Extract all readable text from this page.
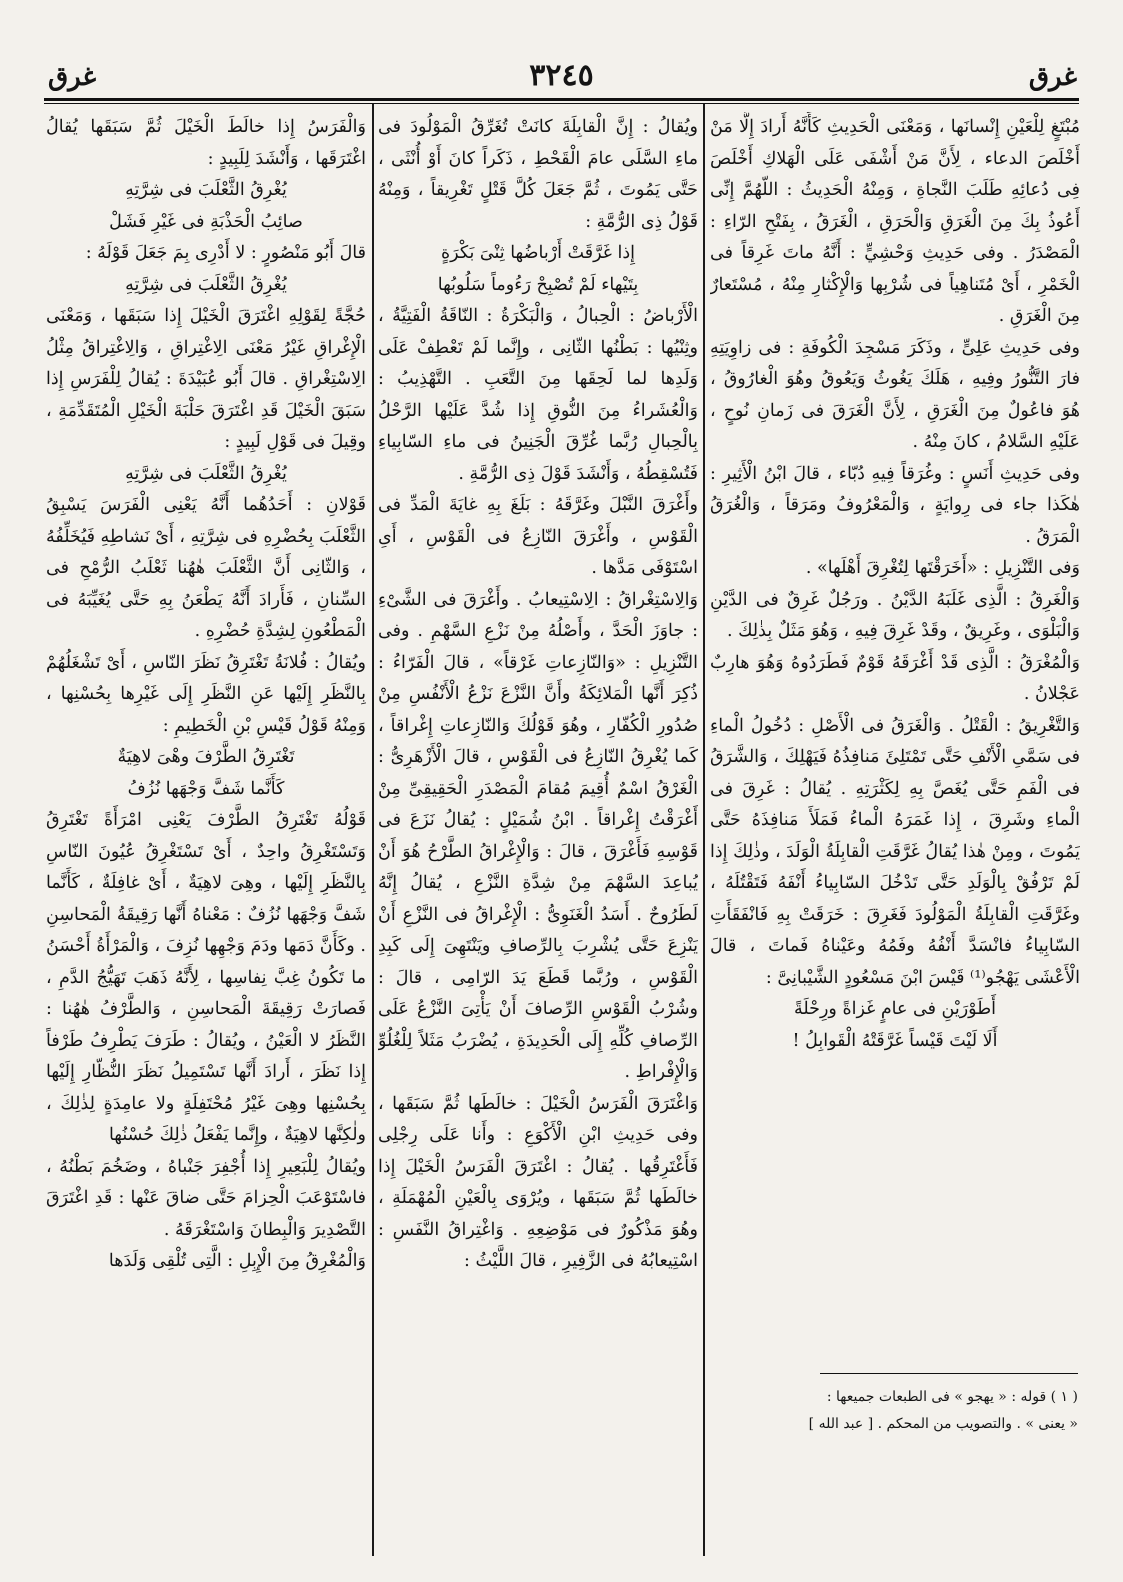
غرق
٣٢٤٥
غرق

مُبْتَغٍ لِلْعَيْنِ إِنْسانَها ، وَمَعْنَى الْحَدِيثِ كَأَنَّهُ أَرادَ إِلَّا مَنْ أَخْلَصَ الدعاء ، لِأَنَّ مَنْ أَشْفَى عَلَى الْهَلاكِ أَخْلَصَ فِى دُعائِهِ طَلَبَ النَّجاةِ ، وَمِنْهُ الْحَدِيثُ : اللّهُمَّ إِنِّى أَعُوذُ بِكَ مِنَ الْغَرَقِ وَالْحَرَقِ ، الْغَرَقُ ، بِفَتْحِ الرّاءِ : الْمَصْدَرُ . وفى حَدِيثِ وَحْشِيٍّ : أَنَّهُ ماتَ غَرِقاً فى الْخَمْرِ ، أَىْ مُتَناهِياً فى شُرْبِها وَالْإِكْثارِ مِنْهُ ، مُسْتَعارٌ مِنَ الْغَرَقِ .

وفى حَدِيثِ عَلِىٍّ ، وذَكَرَ مَسْجِدَ الْكُوفَةِ : فى زاوِيَتِهِ فارَ التَّنُّورُ وفِيهِ ، هَلَكَ يَغُوثُ وَيَعُوقُ وهُوَ الْغارُوقُ ، هُوَ فاعُولٌ مِنَ الْغَرَقِ ، لِأَنَّ الْغَرَقَ فى زَمانِ نُوحٍ ، عَلَيْهِ السَّلامُ ، كانَ مِنْهُ .

وفى حَدِيثِ أَنَسٍ : وغُرَقاً فِيهِ دُبّاء ، قالَ ابْنُ الْأَثِيرِ : هٰكَذا جاء فى رِوايَةٍ ، وَالْمَعْرُوفُ ومَرَقاً ، وَالْغُرَقُ الْمَرَقُ .

وَفى التَّنْزِيلِ : «أَخَرَقْتَها لِتُغْرِقَ أَهْلَها» .

وَالْغَرِقُ : الَّذِى غَلَبَهُ الدَّيْنُ . ورَجُلٌ غَرِقٌ فى الدَّيْنِ وَالْبَلْوَى ، وغَرِيقٌ ، وقَدْ غَرِقَ فِيهِ ، وَهُوَ مَثَلٌ بِذٰلِكَ .

وَالْمُغْرَقُ : الَّذِى قَدْ أَغْرَقَهُ قَوْمٌ فَطَرَدُوهُ وَهُوَ هارِبٌ عَجْلانُ .

وَالتَّغْرِيقُ : الْقَتْلُ . وَالْغَرَقُ فى الْأَصْلِ : دُخُولُ الْماءِ فى سَمَّىِ الْأَنْفِ حَتَّى تَمْتَلِئَ مَنافِذُهُ فَيَهْلِكَ ، وَالشَّرَقُ فى الْفَمِ حَتَّى يُغَصَّ بِهِ لِكَثْرَتِهِ . يُقالُ : غَرِقَ فى الْماءِ وشَرِقَ ، إِذا غَمَرَهُ الْماءُ فَمَلَأَ مَنافِذَهُ حَتَّى يَمُوتَ ، ومِنْ هٰذا يُقالُ غَرَّقَتِ الْقابِلَةُ الْوَلَدَ ، وذٰلِكَ إِذا لَمْ تَرْفُقْ بِالْوَلَدِ حَتَّى تَدْخُلَ السّابِياءُ أَنْفَهُ فَتَقْتُلَهُ ، وغَرَّقَتِ الْقابِلَةُ الْمَوْلُودَ فَغَرِقَ : خَرَقَتْ بِهِ فَانْفَقَأَتِ السّابِياءُ فانْسَدَّ أَنْفُهُ وفَمُهُ وعَيْناهُ فَماتَ ، قالَ الْأَعْشَى يَهْجُو⁽¹⁾ قَيْسَ ابْنَ مَسْعُودٍ الشَّيْبانِىَّ :

أَطَوْرَيْنِ فى عامٍ غَزاةً ورِحْلَةً

أَلَا لَيْتَ قَيْساً غَرَّقَتْهُ الْقَوابِلُ !

ويُقالُ : إِنَّ الْقابِلَةَ كانَتْ تُغَرِّقُ الْمَوْلُودَ فى ماءِ السَّلَى عامَ الْقَحْطِ ، ذَكَراً كانَ أَوْ أُنْثَى ، حَتَّى يَمُوتَ ، ثُمَّ جَعَلَ كُلَّ قَتْلٍ تَغْرِيقاً ، وَمِنْهُ قَوْلُ ذِى الرُّمَّةِ :

إِذا غَرَّقَتْ أَرْباضُها ثِنْىَ بَكْرَةٍ

بِتَيْهاء لَمْ تُصْبِحْ رَءُوماً سَلُوبُها

الْأَرْباضُ : الْحِبالُ ، وَالْبَكْرَةُ : النّاقَةُ الْفَتِيَّةُ ، وثِنْيُها : بَطْنُها الثّانِى ، وإِنَّما لَمْ تَعْطِفْ عَلَى وَلَدِها لما لَحِقَها مِنَ التَّعَبِ . التَّهْذِيبُ : وَالْعُشَراءُ مِنَ النُّوقِ إِذا شُدَّ عَلَيْها الرَّحْلُ بِالْحِبالِ رُبَّما غُرِّقَ الْجَنِينُ فى ماءِ السّابِياءِ فَتُسْقِطُهُ ، وَأَنْشَدَ قَوْلَ ذِى الرُّمَّةِ .

وأَغْرَقَ النَّبْلَ وغَرَّقَهُ : بَلَغَ بِهِ غايَةَ الْمَدِّ فى الْقَوْسِ ، وأَغْرَقَ النّازِعُ فى الْقَوْسِ ، أَىِ اسْتَوْفَى مَدَّها .

وَالِاسْتِغْراقُ : الِاسْتِيعابُ . وأَغْرَقَ فى الشَّىْءِ : جاوَزَ الْحَدَّ ، وأَصْلُهُ مِنْ نَزْعِ السَّهْمِ . وفى التَّنْزِيلِ : «وَالنّازِعاتِ غَرْقاً» ، قالَ الْفَرّاءُ : ذُكِرَ أَنَّها الْمَلائِكَةُ وأَنَّ النَّزْعَ نَزْعُ الْأَنْفُسِ مِنْ صُدُورِ الْكُفّارِ ، وهُوَ قَوْلُكَ وَالنّازِعاتِ إِغْراقاً ، كَما يُغْرِقُ النّازِعُ فى الْقَوْسِ ، قالَ الْأَزْهَرِىُّ : الْغَرْقُ اسْمٌ أُقِيمَ مُقامَ الْمَصْدَرِ الْحَقِيقِىِّ مِنْ أَغْرَقْتُ إِغْراقاً . ابْنُ شُمَيْلٍ : يُقالُ نَزَعَ فى قَوْسِهِ فَأَغْرَقَ ، قالَ : وَالْإِغْراقُ الطَّرْحُ هُوَ أَنْ يُباعِدَ السَّهْمَ مِنْ شِدَّةِ النَّزْعِ ، يُقالُ إِنَّهُ لَطَرُوحٌ . أَسَدُ الْغَنَوِىُّ : الْإِغْراقُ فى النَّزْعِ أَنْ يَنْزِعَ حَتَّى يُشْرِبَ بِالرِّصافِ ويَنْتَهِىَ إِلَى كَبِدِ الْقَوْسِ ، ورُبَّما قَطَعَ يَدَ الرّامِى ، قالَ : وشُرْبُ الْقَوْسِ الرِّصافَ أَنْ يَأْتِىَ النَّزْعُ عَلَى الرِّصافِ كُلِّهِ إِلَى الْحَدِيدَةِ ، يُضْرَبُ مَثَلاً لِلْغُلُوِّ وَالْإِفْراطِ .

وَاغْتَرَقَ الْفَرَسُ الْخَيْلَ : خالَطَها ثُمَّ سَبَقَها ، وفى حَدِيثِ ابْنِ الْأَكْوَعِ : وأَنا عَلَى رِجْلِى فَأَغْتَرِقُها . يُقالُ : اغْتَرَقَ الْفَرَسُ الْخَيْلَ إِذا خالَطَها ثُمَّ سَبَقَها ، ويُرْوَى بِالْعَيْنِ الْمُهْمَلَةِ ، وهُوَ مَذْكُورٌ فى مَوْضِعِهِ . وَاغْتِراقُ النَّفَسِ : اسْتِيعابُهُ فى الزَّفِيرِ ، قالَ اللَّيْثُ :

وَالْفَرَسُ إِذا خالَطَ الْخَيْلَ ثُمَّ سَبَقَها يُقالُ اغْتَرَقَها ، وَأَنْشَدَ لِلَبِيدٍ :

يُغْرِقُ الثَّعْلَبَ فى شِرَّتِهِ

صائِبُ الْحَذْبَةِ فى غَيْرِ فَشَلْ

قالَ أَبُو مَنْصُورٍ : لا أَدْرِى بِمَ جَعَلَ قَوْلَهُ :

يُغْرِقُ الثَّعْلَبَ فى شِرَّتِهِ

حُجَّةً لِقَوْلِهِ اغْتَرَقَ الْخَيْلَ إِذا سَبَقَها ، وَمَعْنَى الْإِغْراقِ غَيْرُ مَعْنَى الِاغْتِراقِ ، وَالِاغْتِراقُ مِثْلُ الِاسْتِغْراقِ . قالَ أَبُو عُبَيْدَةَ : يُقالُ لِلْفَرَسِ إِذا سَبَقَ الْخَيْلَ قَدِ اغْتَرَقَ حَلْبَةَ الْخَيْلِ الْمُتَقَدِّمَةِ ، وقِيلَ فى قَوْلِ لَبِيدٍ :

يُغْرِقُ الثَّعْلَبَ فى شِرَّتِهِ

قَوْلانِ : أَحَدُهُما أَنَّهُ يَعْنِى الْفَرَسَ يَسْبِقُ الثَّعْلَبَ بِحُضْرِهِ فى شِرَّتِهِ ، أَىْ نَشاطِهِ فَيُخَلِّفُهُ ، وَالثّانِى أَنَّ الثَّعْلَبَ هٰهُنا ثَعْلَبُ الرُّمْحِ فى السِّنانِ ، فَأَرادَ أَنَّهُ يَطْعَنُ بِهِ حَتَّى يُغَيِّبَهُ فى الْمَطْعُونِ لِشِدَّةِ حُضْرِهِ .

ويُقالُ : فُلانَةُ تَغْتَرِقُ نَظَرَ النّاسِ ، أَىْ تَشْغَلُهُمْ بِالنَّظَرِ إِلَيْها عَنِ النَّظَرِ إِلَى غَيْرِها بِحُسْنِها ، وَمِنْهُ قَوْلُ قَيْسِ بْنِ الْخَطِيمِ :

تَغْتَرِقُ الطَّرْفَ وهْىَ لاهِيَةٌ

كَأَنَّما شَفَّ وَجْهَها نُزُفُ

قَوْلُهُ تَغْتَرِقُ الطَّرْفَ يَعْنِى امْرَأَةً تَغْتَرِقُ وَتَسْتَغْرِقُ واحِدٌ ، أَىْ تَسْتَغْرِقُ عُيُونَ النّاسِ بِالنَّظَرِ إِلَيْها ، وهِىَ لاهِيَةٌ ، أَىْ غافِلَةٌ ، كَأَنَّما شَفَّ وَجْهَها نُزُفٌ : مَعْناهُ أَنَّها رَقِيقَةُ الْمَحاسِنِ . وكَأَنَّ دَمَها ودَمَ وَجْهِها نُزِفَ ، وَالْمَرْأَةُ أَحْسَنُ ما تَكُونُ غِبَّ نِفاسِها ، لِأَنَّهُ ذَهَبَ تَهَيُّجُ الدَّمِ ، فَصارَتْ رَقِيقَةَ الْمَحاسِنِ ، وَالطَّرْفُ هٰهُنا : النَّظَرُ لا الْعَيْنُ ، ويُقالُ : طَرَفَ يَطْرِفُ طَرْفاً إِذا نَظَرَ ، أَرادَ أَنَّها تَسْتَمِيلُ نَظَرَ النُّظّارِ إِلَيْها بِحُسْنِها وهِىَ غَيْرُ مُحْتَفِلَةٍ ولا عامِدَةٍ لِذٰلِكَ ، ولٰكِنَّها لاهِيَةٌ ، وإِنَّما يَفْعَلُ ذٰلِكَ حُسْنُها

ويُقالُ لِلْبَعِيرِ إِذا أُجْفِرَ جَنْباهُ ، وضَخُمَ بَطْنُهُ ، فاسْتَوْعَبَ الْحِزامَ حَتَّى ضاقَ عَنْها : قَدِ اغْتَرَقَ التَّصْدِيرَ وَالْبِطانَ وَاسْتَغْرَقَهُ .

وَالْمُغْرِقُ مِنَ الْإِبِلِ : الَّتِى تُلْقِى وَلَدَها

( ١ ) قوله : « يهجو » فى الطبعات جميعها :
« يعنى » . والتصويب من المحكم . [ عبد الله ]
